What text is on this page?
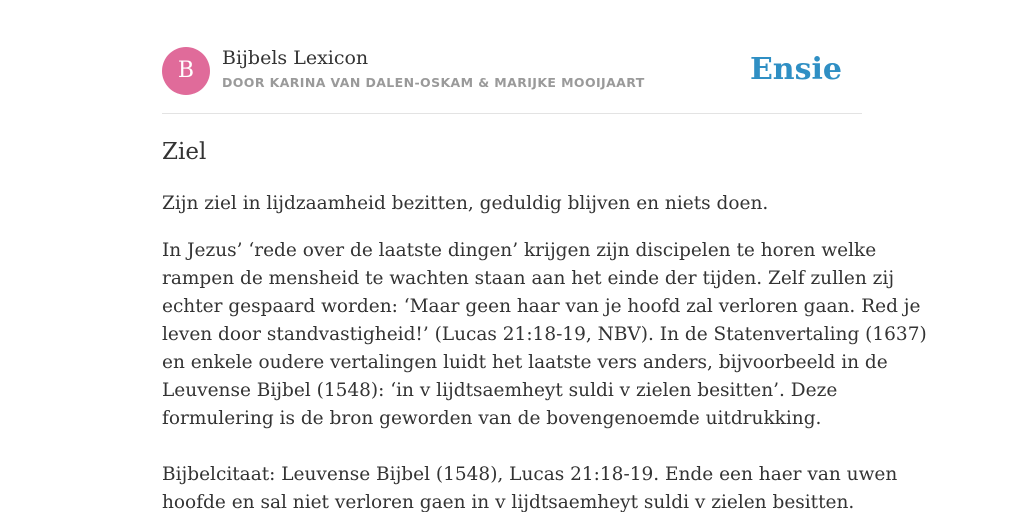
B	Bijbels Lexicon
DOOR KARINA VAN DALEN-OSKAM & MARIJKE MOOIJAART	Ensie
Ziel

Zijn ziel in lijdzaamheid bezitten, geduldig blijven en niets doen.

In Jezus’ ‘rede over de laatste dingen’ krijgen zijn discipelen te horen welke
rampen de mensheid te wachten staan aan het einde der tijden. Zelf zullen zij
echter gespaard worden: ‘Maar geen haar van je hoofd zal verloren gaan. Red je
leven door standvastigheid!’ (Lucas 21:18-19, NBV). In de Statenvertaling (1637)
en enkele oudere vertalingen luidt het laatste vers anders, bijvoorbeeld in de
Leuvense Bijbel (1548): ‘in v lijdtsaemheyt suldi v zielen besitten’. Deze
formulering is de bron geworden van de bovengenoemde uitdrukking.
Bijbelcitaat: Leuvense Bijbel (1548), Lucas 21:18-19. Ende een haer van uwen
hoofde en sal niet verloren gaen in v lijdtsaemheyt suldi v zielen besitten.
